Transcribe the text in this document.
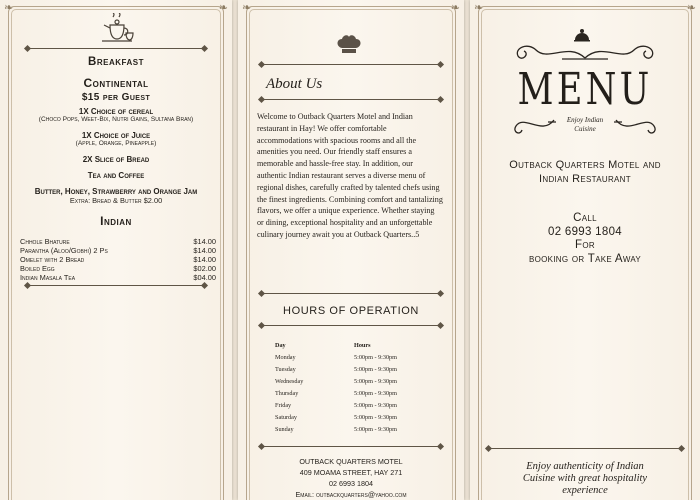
❧	❧
Breakfast
Continental
$15 per Guest
1X Choice of cereal
(Choco Pops, Weet-Bix, Nutri Gains, Sultana Bran)
1X Choice of Juice
(Apple, Orange, Pineapple)
2X Slice of Bread
Tea and Coffee
Butter, Honey, Strawberry and Orange Jam
Extra: Bread & Butter $2.00
Indian
Chhole Bhature	$14.00
Parantha (Aloo/Gobhi) 2 Ps	$14.00
Omelet with 2 Bread	$14.00
Boiled Egg	$02.00
Indian Masala Tea	$04.00
❧	❧
About Us
Welcome to Outback Quarters Motel and Indian restaurant in Hay! We offer comfortable accommodations with spacious rooms and all the amenities you need. Our friendly staff ensures a memorable and hassle-free stay. In addition, our authentic Indian restaurant serves a diverse menu of regional dishes, carefully crafted by talented chefs using the finest ingredients. Combining comfort and tantalizing flavors, we offer a unique experience. Whether staying or dining, exceptional hospitality and an unforgettable culinary journey await you at Outback Quarters..5
HOURS OF OPERATION
Day	Hours
Monday	5:00pm - 9:30pm
Tuesday	5:00pm - 9:30pm
Wednesday	5:00pm - 9:30pm
Thursday	5:00pm - 9:30pm
Friday	5:00pm - 9:30pm
Saturday	5:00pm - 9:30pm
Sunday	5:00pm - 9:30pm
OUTBACK QUARTERS MOTEL
409 MOAMA STREET, HAY 271
02 6993 1804
Email: outbackquarters@yahoo.com
❧	❧
MENU
Enjoy Indian
Cuisine
Outback Quarters Motel and
Indian Restaurant
Call
02 6993 1804
For
booking or Take Away
Enjoy authenticity of Indian
Cuisine with great hospitality
experience
